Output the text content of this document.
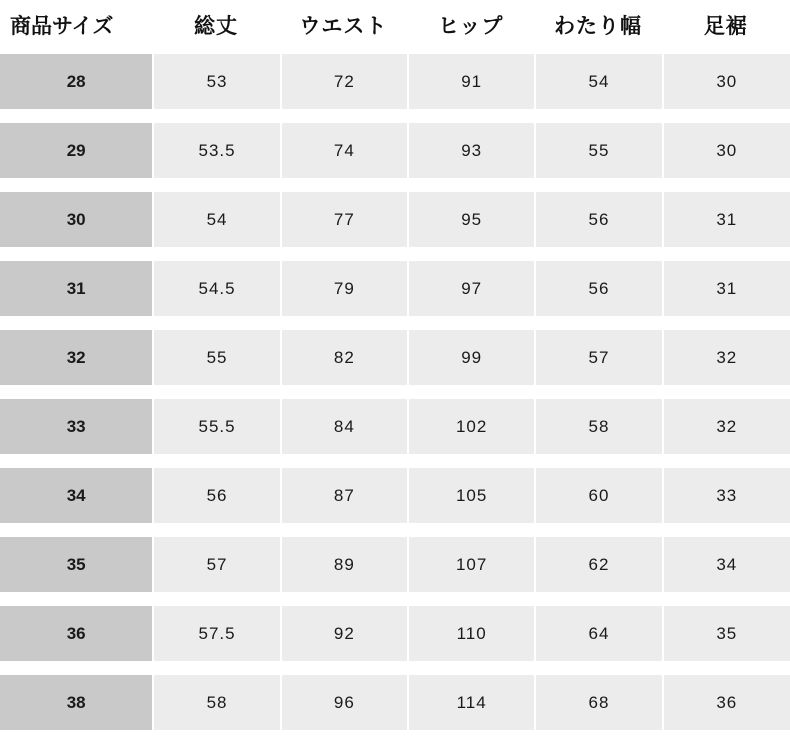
商品サイズ	総丈	ウエスト	ヒップ	わたり幅	足裾
28	53	72	91	54	30

29	53.5	74	93	55	30

30	54	77	95	56	31

31	54.5	79	97	56	31

32	55	82	99	57	32

33	55.5	84	102	58	32

34	56	87	105	60	33

35	57	89	107	62	34

36	57.5	92	110	64	35

38	58	96	114	68	36
